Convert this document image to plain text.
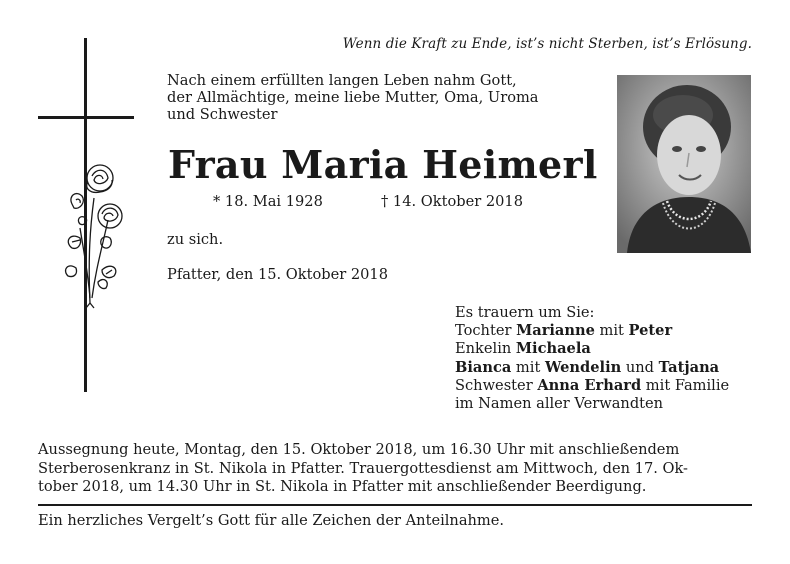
Wenn die Kraft zu Ende, ist’s nicht Sterben, ist’s Erlösung.
Nach einem erfüllten langen Leben nahm Gott,
der Allmächtige, meine liebe Mutter, Oma, Uroma
und Schwester
Frau Maria Heimerl
* 18. Mai 1928	† 14. Oktober 2018
zu sich.
Pfatter, den 15. Oktober 2018
Es trauern um Sie:
Tochter Marianne mit Peter
Enkelin Michaela
Bianca mit Wendelin und Tatjana
Schwester Anna Erhard mit Familie
im Namen aller Verwandten
Aussegnung heute, Montag, den 15. Oktober 2018, um 16.30 Uhr mit anschließendem
Sterberosenkranz in St. Nikola in Pfatter. Trauergottesdienst am Mittwoch, den 17. Ok-
tober 2018, um 14.30 Uhr in St. Nikola in Pfatter mit anschließender Beerdigung.
Ein herzliches Vergelt’s Gott für alle Zeichen der Anteilnahme.
